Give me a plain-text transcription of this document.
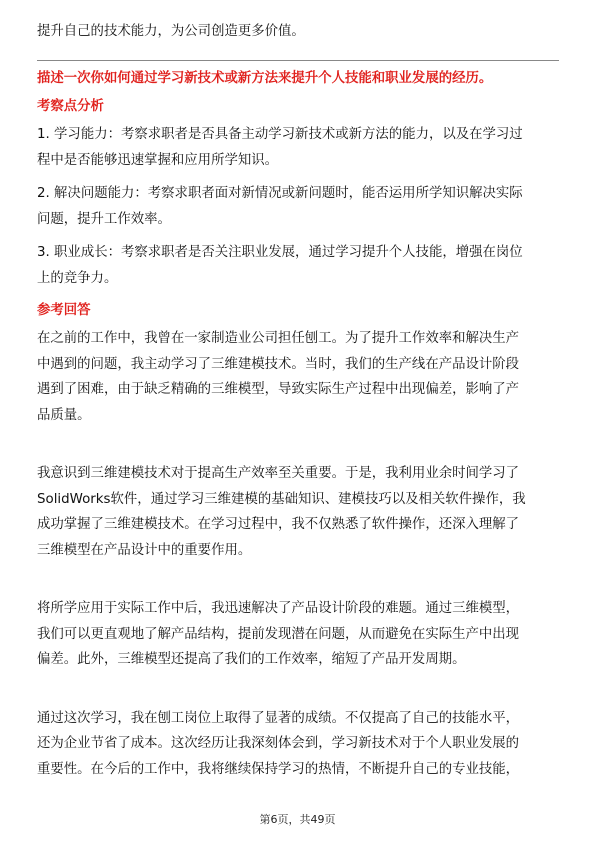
提升自己的技术能力，为公司创造更多价值。
描述一次你如何通过学习新技术或新方法来提升个人技能和职业发展的经历。
考察点分析
1. 学习能力：考察求职者是否具备主动学习新技术或新方法的能力，以及在学习过
程中是否能够迅速掌握和应用所学知识。
2. 解决问题能力：考察求职者面对新情况或新问题时，能否运用所学知识解决实际
问题，提升工作效率。
3. 职业成长：考察求职者是否关注职业发展，通过学习提升个人技能，增强在岗位
上的竞争力。
参考回答

在之前的工作中，我曾在一家制造业公司担任刨工。为了提升工作效率和解决生产
中遇到的问题，我主动学习了三维建模技术。当时，我们的生产线在产品设计阶段
遇到了困难，由于缺乏精确的三维模型，导致实际生产过程中出现偏差，影响了产
品质量。

我意识到三维建模技术对于提高生产效率至关重要。于是，我利用业余时间学习了
SolidWorks软件，通过学习三维建模的基础知识、建模技巧以及相关软件操作，我
成功掌握了三维建模技术。在学习过程中，我不仅熟悉了软件操作，还深入理解了
三维模型在产品设计中的重要作用。

将所学应用于实际工作中后，我迅速解决了产品设计阶段的难题。通过三维模型，
我们可以更直观地了解产品结构，提前发现潜在问题，从而避免在实际生产中出现
偏差。此外，三维模型还提高了我们的工作效率，缩短了产品开发周期。

通过这次学习，我在刨工岗位上取得了显著的成绩。不仅提高了自己的技能水平，
还为企业节省了成本。这次经历让我深刻体会到，学习新技术对于个人职业发展的
重要性。在今后的工作中，我将继续保持学习的热情，不断提升自己的专业技能，

第6页，共49页
